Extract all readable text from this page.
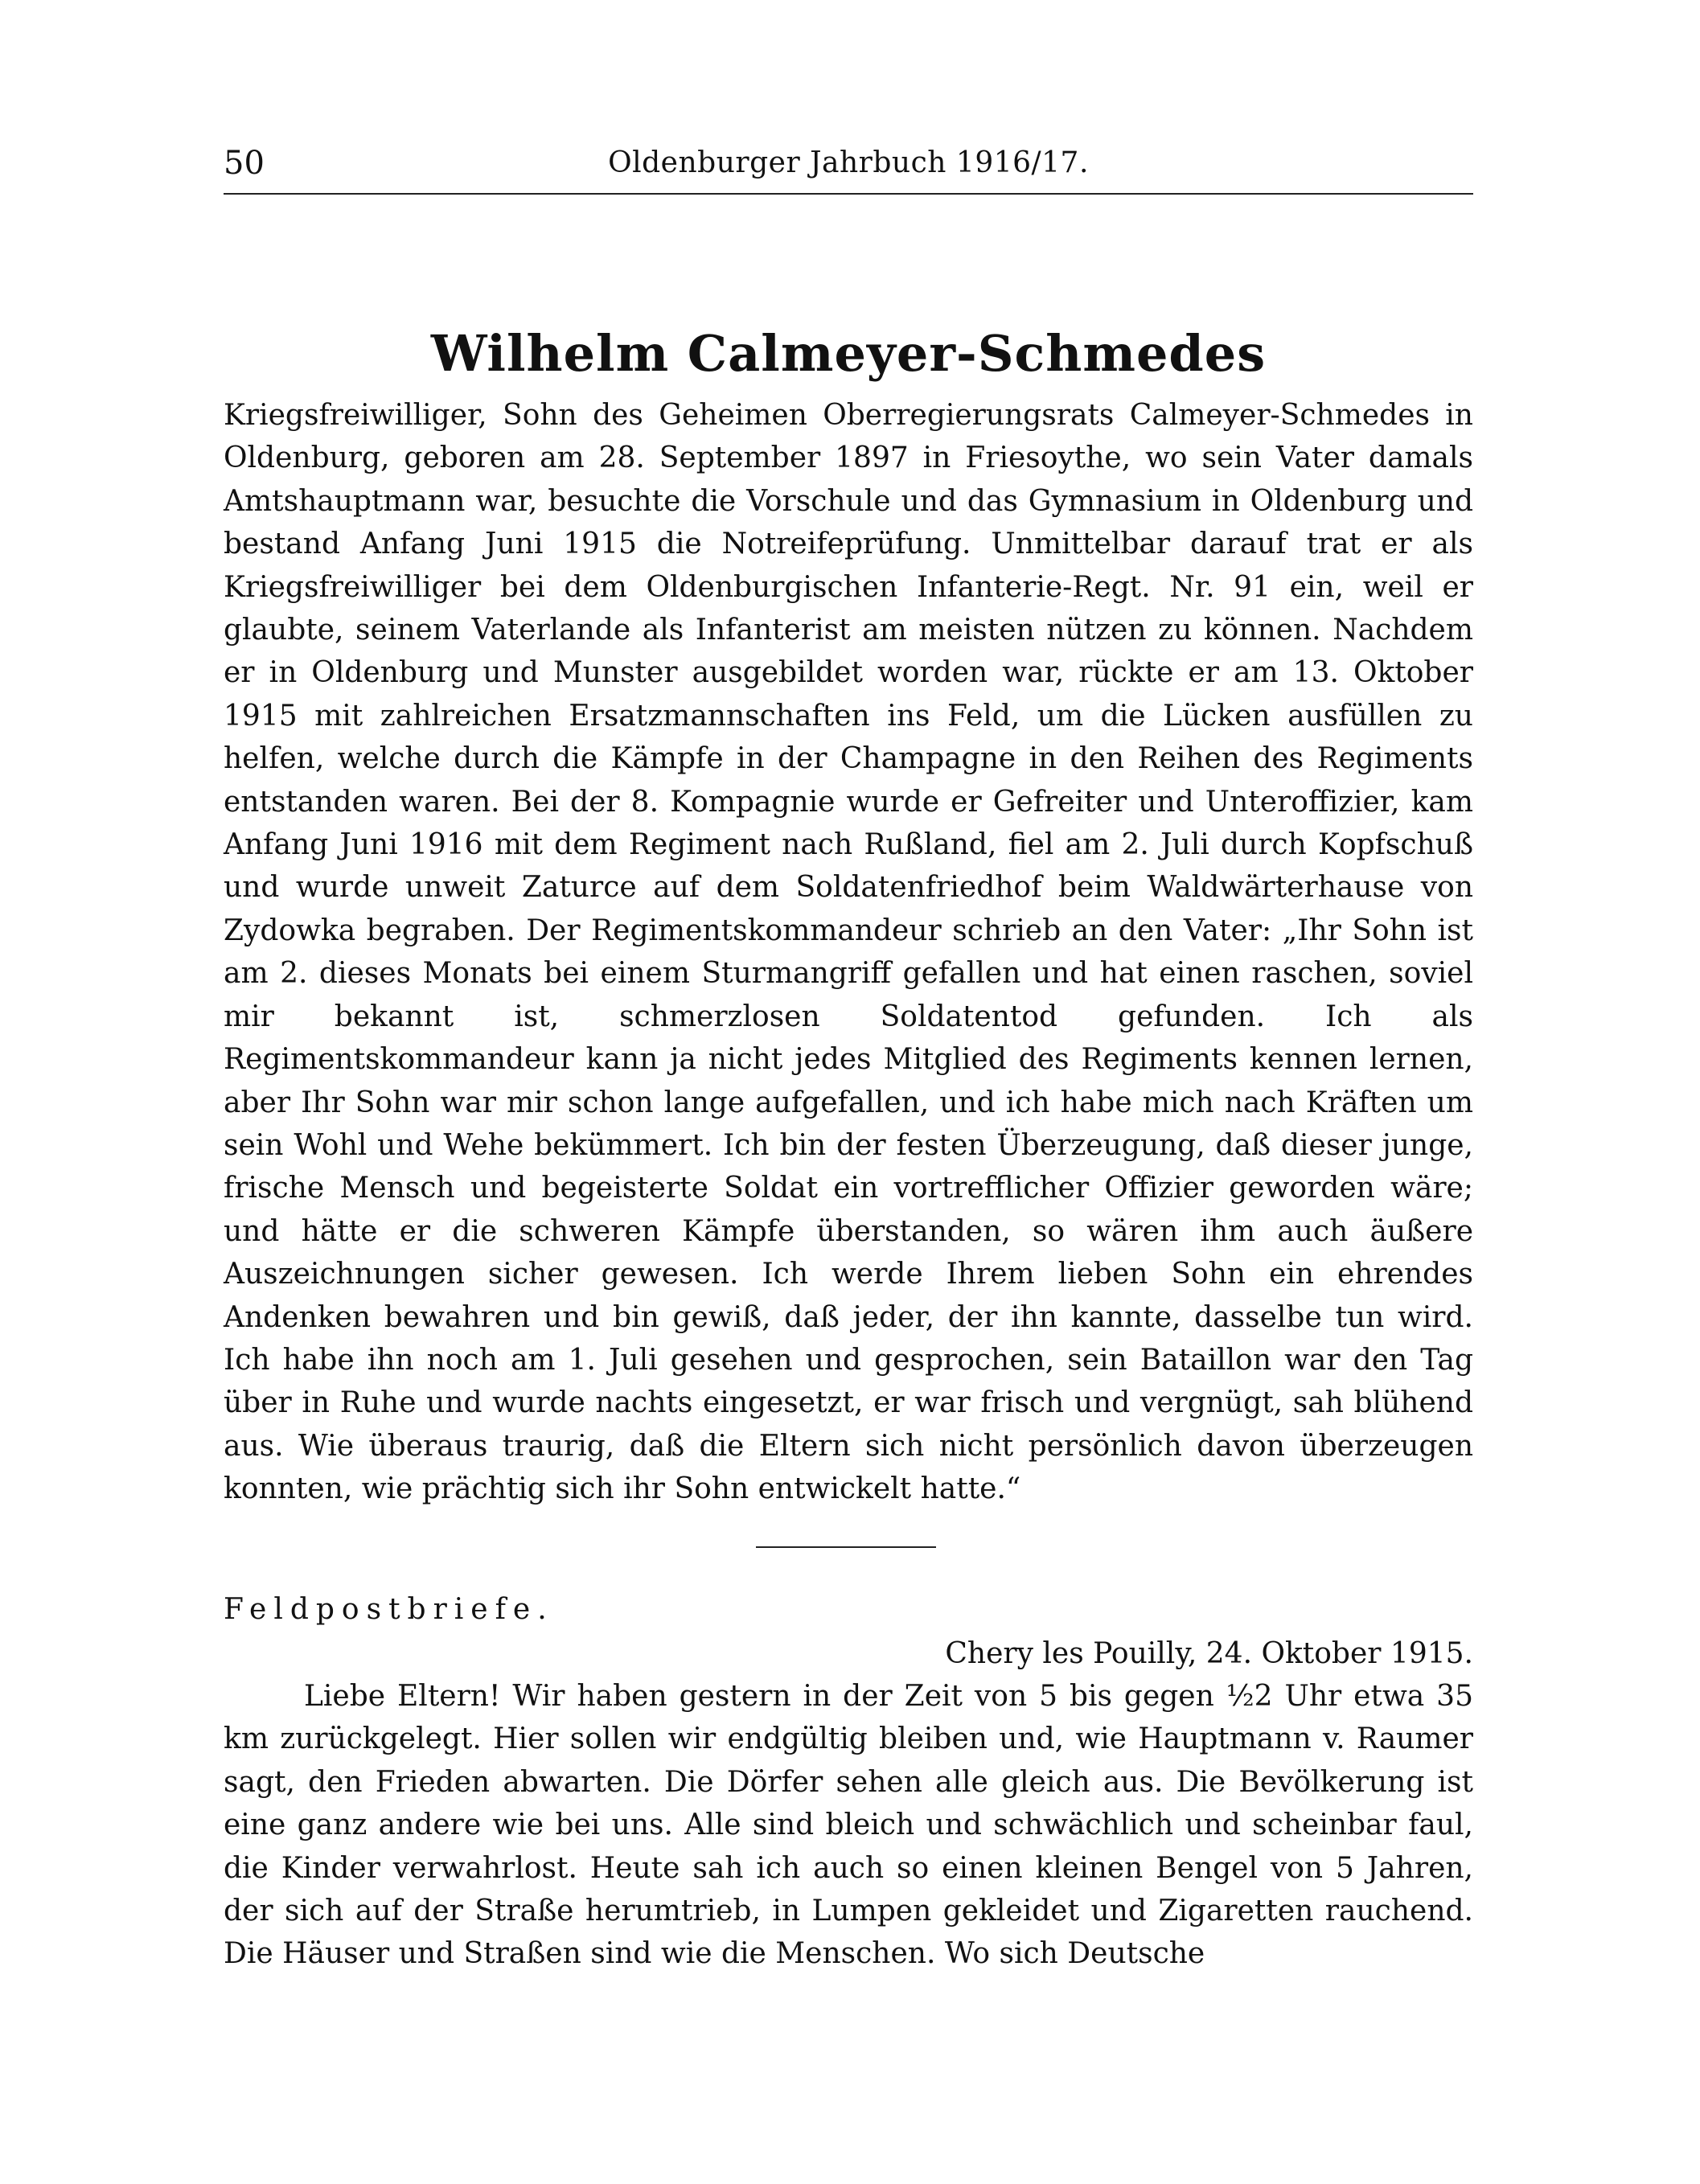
50	Oldenburger Jahrbuch 1916/17.
Wilhelm Calmeyer-Schmedes

Kriegsfreiwilliger, Sohn des Geheimen Oberregierungsrats Calmeyer-Schmedes in Oldenburg, geboren am 28. September 1897 in Friesoythe, wo sein Vater damals Amtshauptmann war, besuchte die Vorschule und das Gymnasium in Oldenburg und bestand Anfang Juni 1915 die Notreifeprüfung. Unmittelbar darauf trat er als Kriegsfreiwilliger bei dem Oldenburgischen Infanterie-Regt. Nr. 91 ein, weil er glaubte, seinem Vaterlande als Infanterist am meisten nützen zu können. Nachdem er in Oldenburg und Munster ausgebildet worden war, rückte er am 13. Oktober 1915 mit zahlreichen Ersatzmannschaften ins Feld, um die Lücken ausfüllen zu helfen, welche durch die Kämpfe in der Champagne in den Reihen des Regiments entstanden waren. Bei der 8. Kompagnie wurde er Gefreiter und Unteroffizier, kam Anfang Juni 1916 mit dem Regiment nach Rußland, fiel am 2. Juli durch Kopfschuß und wurde unweit Zaturce auf dem Soldatenfriedhof beim Waldwärterhause von Zydowka begraben. Der Regimentskommandeur schrieb an den Vater: „Ihr Sohn ist am 2. dieses Monats bei einem Sturmangriff gefallen und hat einen raschen, soviel mir bekannt ist, schmerzlosen Soldatentod gefunden. Ich als Regimentskommandeur kann ja nicht jedes Mitglied des Regiments kennen lernen, aber Ihr Sohn war mir schon lange aufgefallen, und ich habe mich nach Kräften um sein Wohl und Wehe bekümmert. Ich bin der festen Überzeugung, daß dieser junge, frische Mensch und begeisterte Soldat ein vortrefflicher Offizier geworden wäre; und hätte er die schweren Kämpfe überstanden, so wären ihm auch äußere Auszeichnungen sicher gewesen. Ich werde Ihrem lieben Sohn ein ehrendes Andenken bewahren und bin gewiß, daß jeder, der ihn kannte, dasselbe tun wird. Ich habe ihn noch am 1. Juli gesehen und gesprochen, sein Bataillon war den Tag über in Ruhe und wurde nachts eingesetzt, er war frisch und vergnügt, sah blühend aus. Wie überaus traurig, daß die Eltern sich nicht persönlich davon überzeugen konnten, wie prächtig sich ihr Sohn entwickelt hatte.“

Feldpostbriefe.
Chery les Pouilly, 24. Oktober 1915.

Liebe Eltern! Wir haben gestern in der Zeit von 5 bis gegen ½2 Uhr etwa 35 km zurückgelegt. Hier sollen wir endgültig bleiben und, wie Hauptmann v. Raumer sagt, den Frieden abwarten. Die Dörfer sehen alle gleich aus. Die Bevölkerung ist eine ganz andere wie bei uns. Alle sind bleich und schwächlich und scheinbar faul, die Kinder verwahrlost. Heute sah ich auch so einen kleinen Bengel von 5 Jahren, der sich auf der Straße herumtrieb, in Lumpen gekleidet und Zigaretten rauchend. Die Häuser und Straßen sind wie die Menschen. Wo sich Deutsche
